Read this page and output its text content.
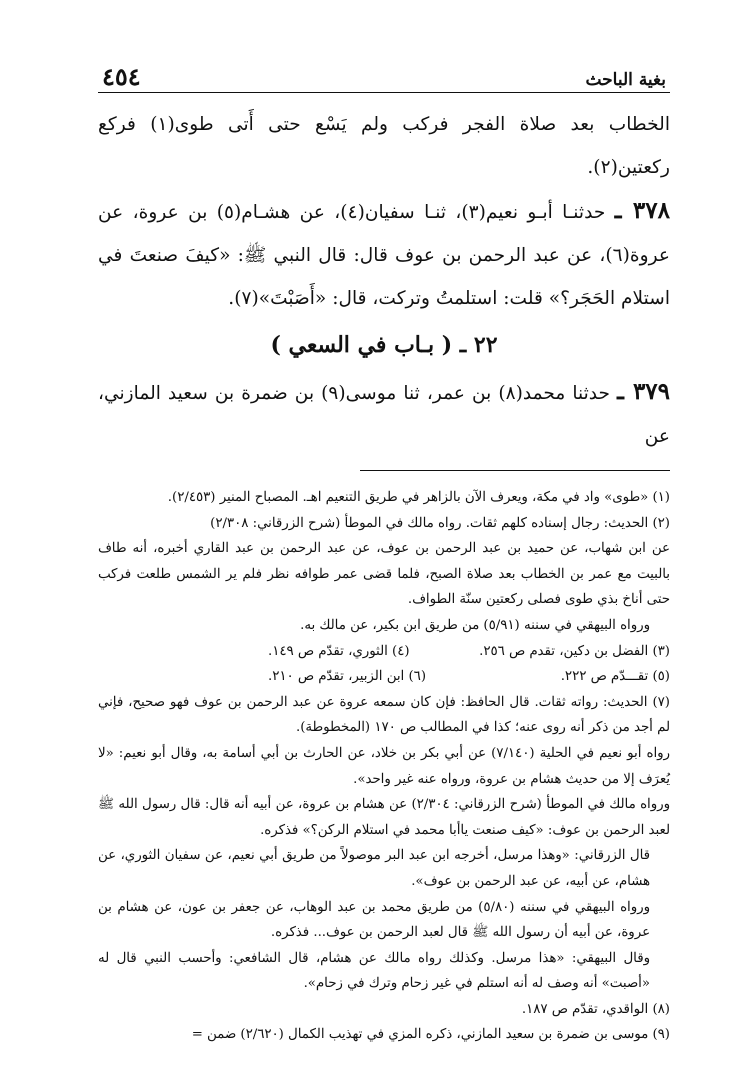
بغية الباحث
٤٥٤

الخطاب بعد صلاة الفجر فركب ولم يَسْع حتى أَتى طوى(١) فركع ركعتين(٢).

٣٧٨ ـ حدثنـا أبـو نعيم(٣)، ثنـا سفيان(٤)، عن هشـام(٥) بن عروة، عن عروة(٦)، عن عبد الرحمن بن عوف قال: قال النبي ﷺ: «كيفَ صنعتَ في استلام الحَجَر؟» قلت: استلمتُ وتركت، قال: «أَصَبْتَ»(٧).

٢٢ ـ ( بـاب في السعي )

٣٧٩ ـ حدثنا محمد(٨) بن عمر، ثنا موسى(٩) بن ضمرة بن سعيد المازني، عن

(١) «طوى» واد في مكة، ويعرف الآن بالزاهر في طريق التنعيم اهـ. المصباح المنير (٢/٤٥٣).

(٢) الحديث: رجال إسناده كلهم ثقات. رواه مالك في الموطأ (شرح الزرقاني: ٢/٣٠٨)

عن ابن شهاب، عن حميد بن عبد الرحمن بن عوف، عن عبد الرحمن بن عبد القاري أخبره، أنه طاف بالبيت مع عمر بن الخطاب بعد صلاة الصبح، فلما قضى عمر طوافه نظر فلم ير الشمس طلعت فركب حتى أناخ بذي طوى فصلى ركعتين سنّة الطواف.

ورواه البيهقي في سننه (٥/٩١) من طريق ابن بكير، عن مالك به.

(٣) الفضل بن دكين، تقدم ص ٢٥٦.
(٤) الثوري، تقدّم ص ١٤٩.

(٥) تقـــدّم ص ٢٢٢.
(٦) ابن الزبير، تقدّم ص ٢١٠.

(٧) الحديث: رواته ثقات. قال الحافظ: فإن كان سمعه عروة عن عبد الرحمن بن عوف فهو صحيح، فإني لم أجد من ذكر أنه روى عنه؛ كذا في المطالب ص ١٧٠ (المخطوطة).

رواه أبو نعيم في الحلية (٧/١٤٠) عن أبي بكر بن خلاد، عن الحارث بن أبي أسامة به، وقال أبو نعيم: «لا يُعرَف إلا من حديث هشام بن عروة، ورواه عنه غير واحد».

ورواه مالك في الموطأ (شرح الزرقاني: ٢/٣٠٤) عن هشام بن عروة، عن أبيه أنه قال: قال رسول الله ﷺ لعبد الرحمن بن عوف: «كيف صنعت ياأبا محمد في استلام الركن؟» فذكره.

قال الزرقاني: «وهذا مرسل، أخرجه ابن عبد البر موصولاً من طريق أبي نعيم، عن سفيان الثوري، عن هشام، عن أبيه، عن عبد الرحمن بن عوف».

ورواه البيهقي في سننه (٥/٨٠) من طريق محمد بن عبد الوهاب، عن جعفر بن عون، عن هشام بن عروة، عن أبيه أن رسول الله ﷺ قال لعبد الرحمن بن عوف... فذكره.

وقال البيهقي: «هذا مرسل. وكذلك رواه مالك عن هشام، قال الشافعي: وأحسب النبي قال له «أصبت» أنه وصف له أنه استلم في غير زحام وترك في زحام».

(٨) الواقدي، تقدّم ص ١٨٧.

(٩) موسى بن ضمرة بن سعيد المازني، ذكره المزي في تهذيب الكمال (٢/٦٢٠) ضمن =
